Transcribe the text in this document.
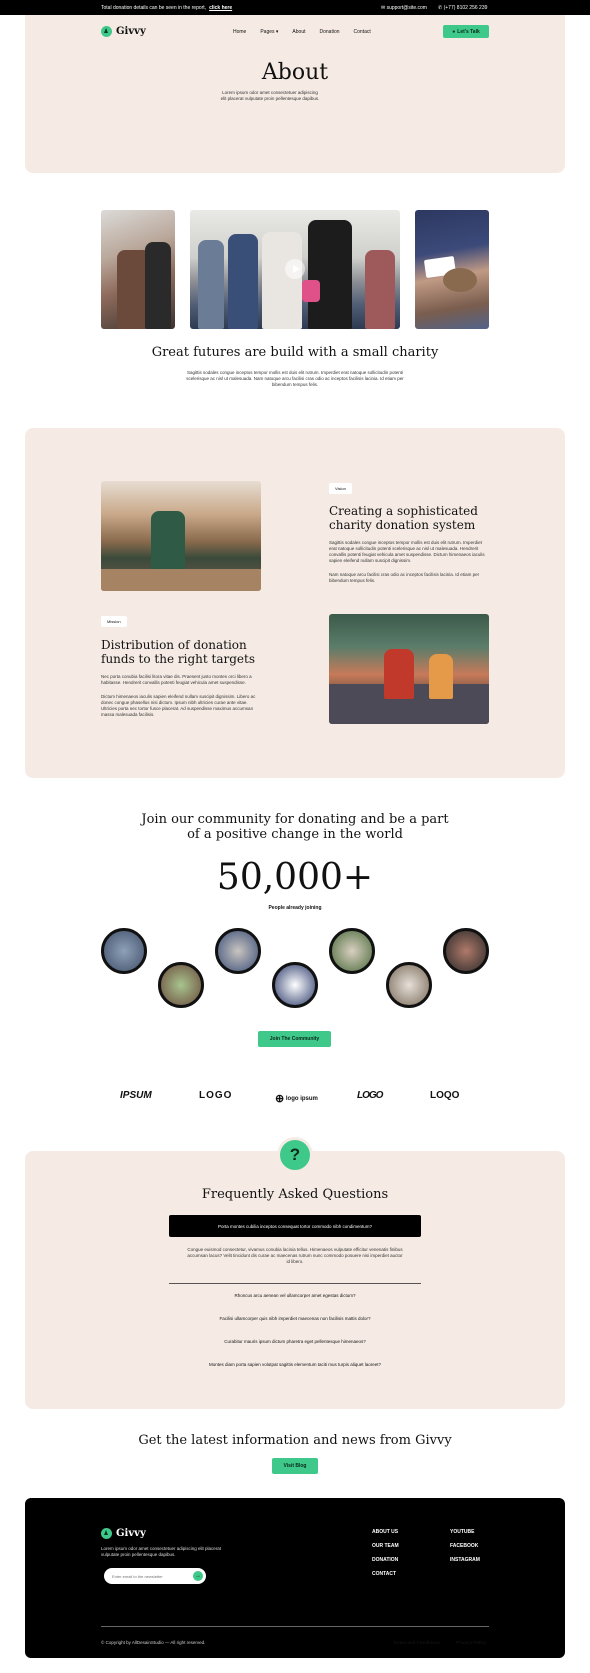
Total donation details can be seen in the report, click here	✉ support@site.com ✆ (+77) 8102 256 239
Givvy	Home	Pages ▾	About	Donation	Contact	● Let's Talk
About
Lorem ipsum odor amet consectetuer adipiscing elit placerat vulputate proin pellentesque dapibus.
Great futures are build with a small charity
Sagittis sodales congue inceptos tempor mollis est duis elit rutrum. Imperdiet erat natoque sollicitudin potenti scelerisque ac nisl ut malesuada. Nam natoque arcu facilisi cras odio ac inceptos facilisis lacinia. Id etiam per bibendum tempus felis.
Vision
Creating a sophisticated charity donation system
Sagittis sodales congue inceptos tempor mollis est duis elit rutrum. Imperdiet erat natoque sollicitudin potenti scelerisque ac nisl ut malesuada. Hendrerit convallis potenti feugiat vehicula amet suspendisse. Dictum himenaeos iaculis sapien eleifend nullam suscipit dignissim.
Nam natoque arcu facilisi cras odio ac inceptos facilisis lacinia. Id etiam per bibendum tempus felis.
Mission
Distribution of donation funds to the right targets
Nec porta conubia facilisi litora vitae dis. Praesent justo montes orci libero a habitasse. Hendrerit convallis potenti feugiat vehicula amet suspendisse.
Dictum himenaeos iaculis sapien eleifend nullam suscipit dignissim. Libero ac donec congue phasellus nisi dictum. Ipsum nibh ultricies curae ante vitae. Ultricies porta nec tortor fusce placerat. Ad suspendisse maximus accumsan massa malesuada facilisis.
Join our community for donating and be a part of a positive change in the world
50,000+
People already joining
Join The Community
IPSUM	LOGO	⊕ logo ipsum	LOGO	LOQO
?
Frequently Asked Questions
Porta montes cubilia inceptos consequat tortor commodo nibh condimentum?
Congue euismod consectetur, vivamus conubia lacinia tellus. Himenaeos vulputate efficitur venenatis finibus accumsan lacus? Velit tincidunt dis curae ac maecenas rutrum nunc commodo posuere nisi imperdiet auctor id libero.
Rhoncus arcu aenean vel ullamcorper amet egestas dictum?
Facilisi ullamcorper quis nibh imperdiet maecenas non facilisis mattis dolor?
Curabitur mauris ipsum dictum pharetra eget pellentesque himenaeos?
Montes diam porta sapien volutpat sagittis elementum taciti mus turpis aliquet laoreet?
Get the latest information and news from Givvy
Visit Blog
Givvy
Lorem ipsum odor amet consectetuer adipiscing elit placerat vulputate proin pellentesque dapibus.
Enter email to the newsletter
→
ABOUT US
OUR TEAM
DONATION
CONTACT
YOUTUBE
FACEBOOK
INSTAGRAM
© Copyright by AllDesainStudio — All right reserved.	Terms and Conditions	Privacy Policy
